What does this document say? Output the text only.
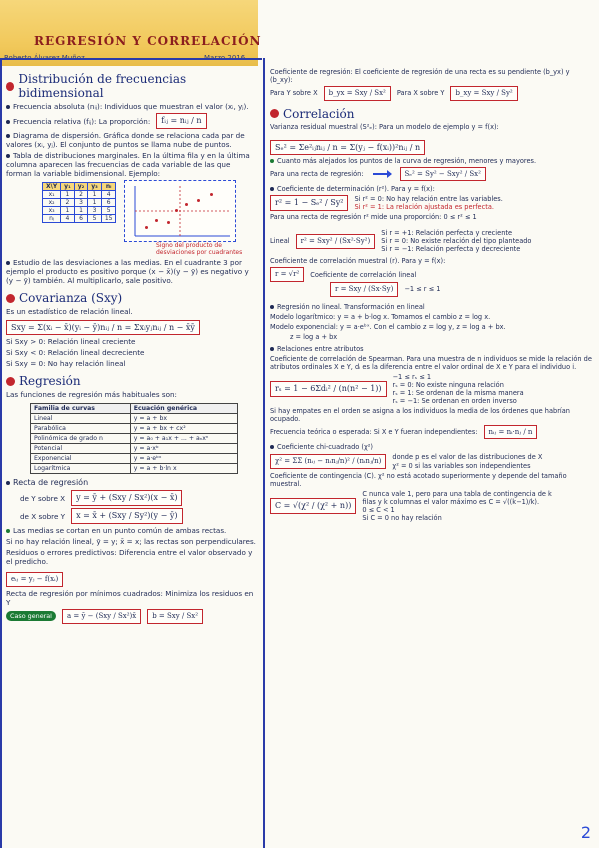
REGRESIÓN Y CORRELACIÓN
Distribución de frecuencias bidimensional
Frecuencia absoluta (nᵢⱼ): Individuos que muestran el valor (xᵢ, yⱼ).
Frecuencia relativa (fᵢⱼ): La proporción:	fᵢⱼ = nᵢⱼ / n
Diagrama de dispersión. Gráfica donde se relaciona cada par de valores (xᵢ, yⱼ). El conjunto de puntos se llama nube de puntos.
Tabla de distribuciones marginales. En la última fila y en la última columna aparecen las frecuencias de cada variable de las que forman la variable bidimensional. Ejemplo:
X\Y	y₁	y₂	y₃	nᵢ
x₁	1	2	1	4
x₂	2	3	1	6
x₃	1	1	3	5
nⱼ	4	6	5	15
Signo del producto de desviaciones por cuadrantes
Estudio de las desviaciones a las medias. En el cuadrante 3 por ejemplo el producto es positivo porque (x − x̄)(y − ȳ) es negativo y (y − ȳ) también. Al multiplicarlo, sale positivo.
Covarianza (Sxy)
Es un estadístico de relación lineal.
Sxy = Σ(xᵢ − x̄)(yᵢ − ȳ)nᵢⱼ / n = Σxᵢyⱼnᵢⱼ / n − x̄ȳ
Si Sxy > 0: Relación lineal creciente
Si Sxy < 0: Relación lineal decreciente
Si Sxy = 0: No hay relación lineal
Regresión
Las funciones de regresión más habituales son:
Familia de curvas	Ecuación genérica
Lineal	y = a + bx
Parabólica	y = a + bx + cx²
Polinómica de grado n	y = a₀ + a₁x + ... + aₙxⁿ
Potencial	y = a·xᵇ
Exponencial	y = a·eᵇˣ
Logarítmica	y = a + b·ln x
Recta de regresión
de Y sobre X	y = ȳ + (Sxy / Sx²)(x − x̄)
de X sobre Y	x = x̄ + (Sxy / Sy²)(y − ȳ)
Las medias se cortan en un punto común de ambas rectas.
Si no hay relación lineal, ȳ = y; x̄ = x; las rectas son perpendiculares.
Residuos o errores predictivos: Diferencia entre el valor observado y el predicho.
eᵢⱼ = yⱼ − f(xᵢ)
Recta de regresión por mínimos cuadrados: Minimiza los residuos en Y
Caso general	a = ȳ − (Sxy / Sx²)x̄	b = Sxy / Sx²
Coeficiente de regresión: El coeficiente de regresión de una recta es su pendiente (b_yx) y (b_xy):
Para Y sobre X	b_yx = Sxy / Sx²	Para X sobre Y	b_xy = Sxy / Sy²
Correlación
Varianza residual muestral (S²ₑ): Para un modelo de ejemplo y = f(x):
Sₑ² = Σe²ᵢⱼnᵢⱼ / n = Σ(yⱼ − f(xᵢ))²nᵢⱼ / n
Cuanto más alejados los puntos de la curva de regresión, menores y mayores.
Para una recta de regresión:	Sₑ² = Sy² − Sxy² / Sx²
Coeficiente de determinación (r²). Para y = f(x):
r² = 1 − Sₑ² / Sy²	Si r² = 0: No hay relación entre las variables.
Si r² = 1: La relación ajustada es perfecta.
Para una recta de regresión r² mide una proporción: 0 ≤ r² ≤ 1
Lineal	r² = Sxy² / (Sx²·Sy²)
Si r = +1: Relación perfecta y creciente
Si r = 0: No existe relación del tipo planteado
Si r = −1: Relación perfecta y decreciente
Coeficiente de correlación muestral (r). Para y = f(x):
r = √r²	Coeficiente de correlación lineal
r = Sxy / (Sx·Sy)	−1 ≤ r ≤ 1
Regresión no lineal. Transformación en lineal
Modelo logarítmico: y = a + b·log x. Tomamos el cambio z = log x.
Modelo exponencial: y = a·eᵇˣ. Con el cambio z = log y, z = log a + bx.
z = log a + bx
Relaciones entre atributos
Coeficiente de correlación de Spearman. Para una muestra de n individuos se mide la relación de atributos ordinales X e Y, dᵢ es la diferencia entre el valor ordinal de X e Y para el individuo i.
rₛ = 1 − 6Σdᵢ² / (n(n² − 1))
−1 ≤ rₛ ≤ 1
rₛ = 0: No existe ninguna relación
rₛ = 1: Se ordenan de la misma manera
rₛ = −1: Se ordenan en orden inverso
Si hay empates en el orden se asigna a los individuos la media de los órdenes que habrían ocupado.
Frecuencia teórica o esperada: Si X e Y fueran independientes:	nᵢⱼ = nᵢ·nⱼ / n
Coeficiente chi-cuadrado (χ²)
χ² = ΣΣ (nᵢⱼ − nᵢnⱼ/n)² / (nᵢnⱼ/n)	donde p es el valor de las distribuciones de X
χ² = 0 si las variables son independientes
Coeficiente de contingencia (C). χ² no está acotado superiormente y depende del tamaño muestral.
C = √(χ² / (χ² + n))
C nunca vale 1, pero para una tabla de contingencia de k filas y k columnas el valor máximo es C = √((k−1)/k).
0 ≤ C < 1
Si C = 0 no hay relación
2
